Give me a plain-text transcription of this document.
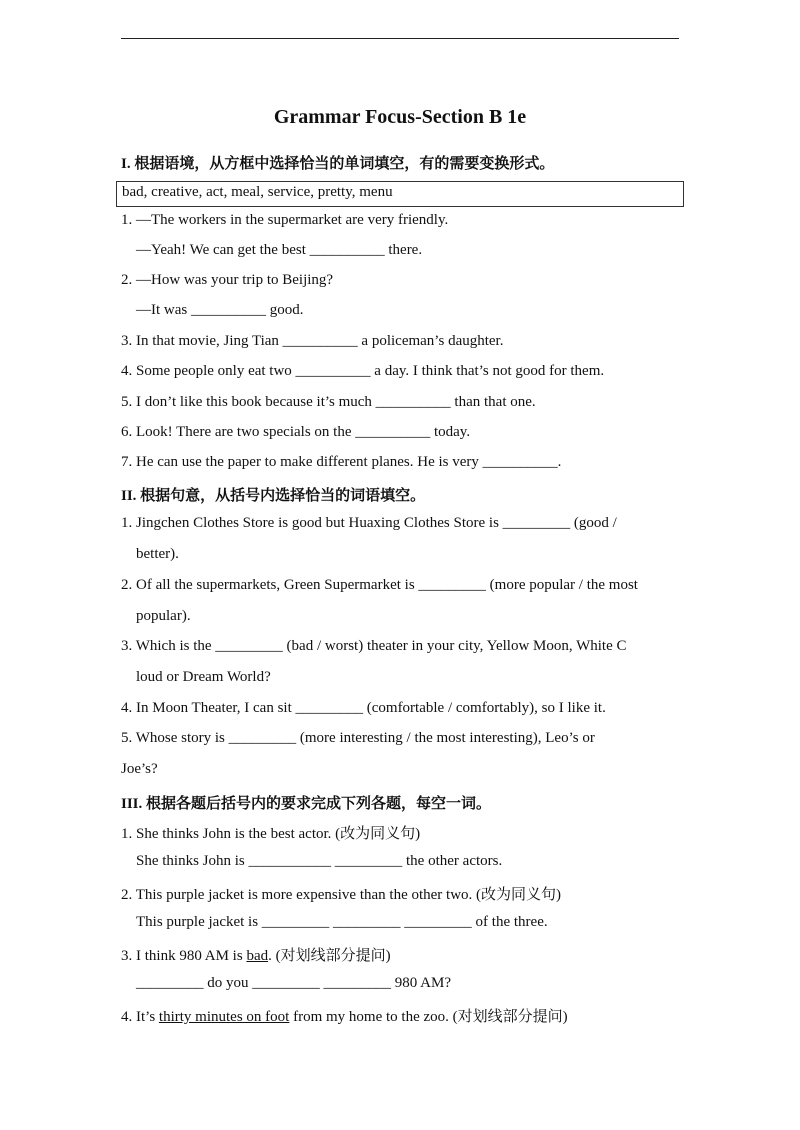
Grammar Focus-Section B 1e
I. 根据语境，从方框中选择恰当的单词填空，有的需要变换形式。
bad, creative, act, meal, service, pretty, menu
1. —The workers in the supermarket are very friendly.
—Yeah! We can get the best __________ there.
2. —How was your trip to Beijing?
—It was __________ good.
3. In that movie, Jing Tian __________ a policeman’s daughter.
4. Some people only eat two __________ a day. I think that’s not good for them.
5. I don’t like this book because it’s much __________ than that one.
6. Look! There are two specials on the __________ today.
7. He can use the paper to make different planes. He is very __________.
II. 根据句意，从括号内选择恰当的词语填空。
1. Jingchen Clothes Store is good but Huaxing Clothes Store is _________ (good /
better).
2. Of all the supermarkets, Green Supermarket is _________ (more popular / the most
popular).
3. Which is the _________ (bad / worst) theater in your city, Yellow Moon, White C
loud or Dream World?
4. In Moon Theater, I can sit _________ (comfortable / comfortably), so I like it.
5. Whose story is _________ (more interesting / the most interesting), Leo’s or
Joe’s?
III. 根据各题后括号内的要求完成下列各题，每空一词。
1. She thinks John is the best actor. (改为同义句)
She thinks John is ___________ _________ the other actors.
2. This purple jacket is more expensive than the other two. (改为同义句)
This purple jacket is _________ _________ _________ of the three.
3. I think 980 AM is bad. (对划线部分提问)
_________ do you _________ _________ 980 AM?
4. It’s thirty minutes on foot from my home to the zoo. (对划线部分提问)
